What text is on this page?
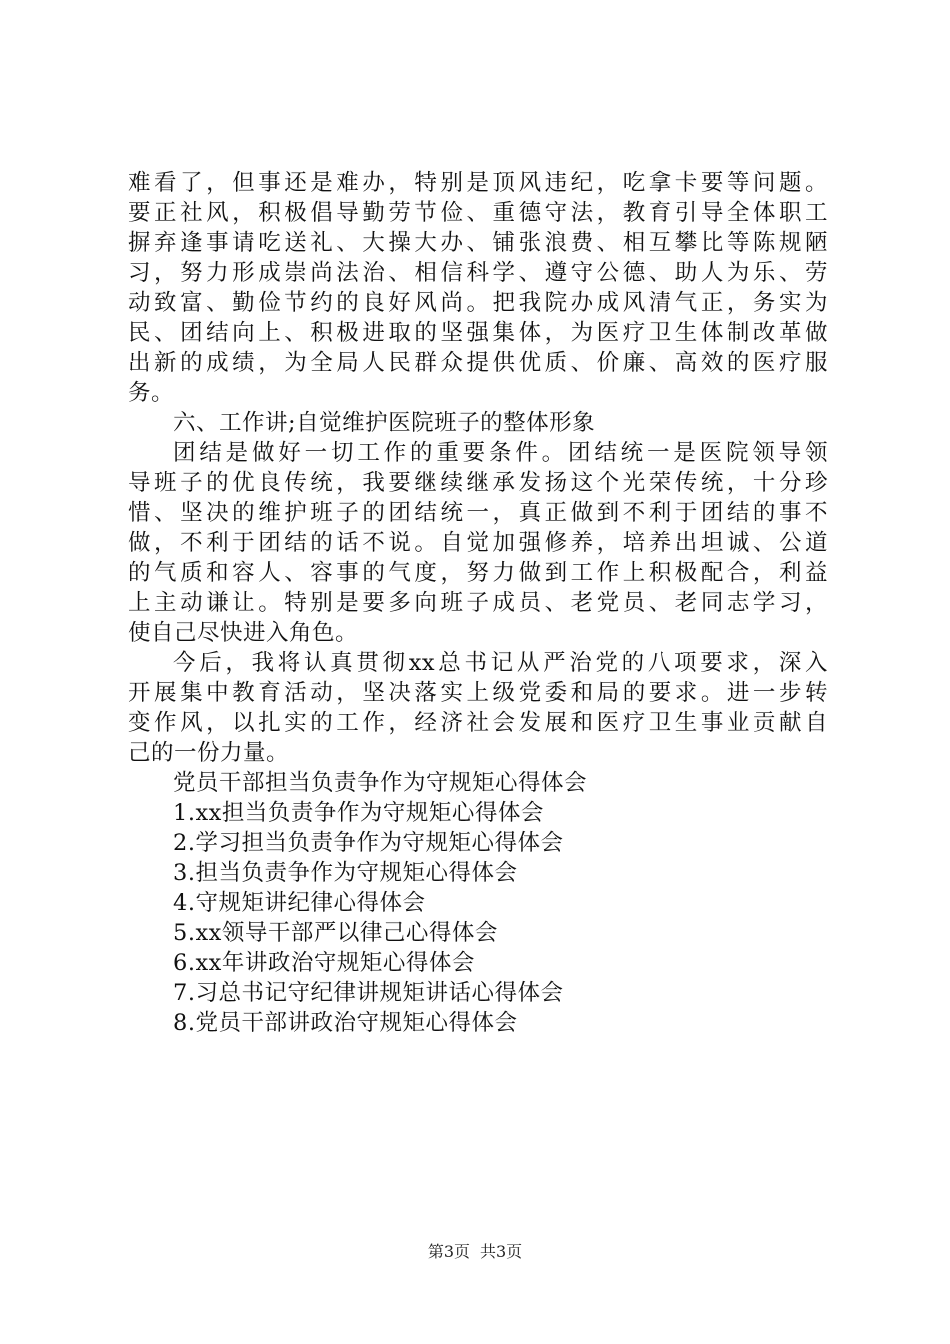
难看了，但事还是难办，特别是顶风违纪，吃拿卡要等问题。
要正社风，积极倡导勤劳节俭、重德守法，教育引导全体职工
摒弃逢事请吃送礼、大操大办、铺张浪费、相互攀比等陈规陋
习，努力形成崇尚法治、相信科学、遵守公德、助人为乐、劳
动致富、勤俭节约的良好风尚。把我院办成风清气正，务实为
民、团结向上、积极进取的坚强集体，为医疗卫生体制改革做
出新的成绩，为全局人民群众提供优质、价廉、高效的医疗服
务。
六、工作讲;自觉维护医院班子的整体形象
团结是做好一切工作的重要条件。团结统一是医院领导领
导班子的优良传统，我要继续继承发扬这个光荣传统，十分珍
惜、坚决的维护班子的团结统一，真正做到不利于团结的事不
做，不利于团结的话不说。自觉加强修养，培养出坦诚、公道
的气质和容人、容事的气度，努力做到工作上积极配合，利益
上主动谦让。特别是要多向班子成员、老党员、老同志学习，
使自己尽快进入角色。
今后，我将认真贯彻xx总书记从严治党的八项要求，深入
开展集中教育活动，坚决落实上级党委和局的要求。进一步转
变作风，以扎实的工作，经济社会发展和医疗卫生事业贡献自
己的一份力量。
党员干部担当负责争作为守规矩心得体会
1.xx担当负责争作为守规矩心得体会
2.学习担当负责争作为守规矩心得体会
3.担当负责争作为守规矩心得体会
4.守规矩讲纪律心得体会
5.xx领导干部严以律己心得体会
6.xx年讲政治守规矩心得体会
7.习总书记守纪律讲规矩讲话心得体会
8.党员干部讲政治守规矩心得体会
第3页 共3页
